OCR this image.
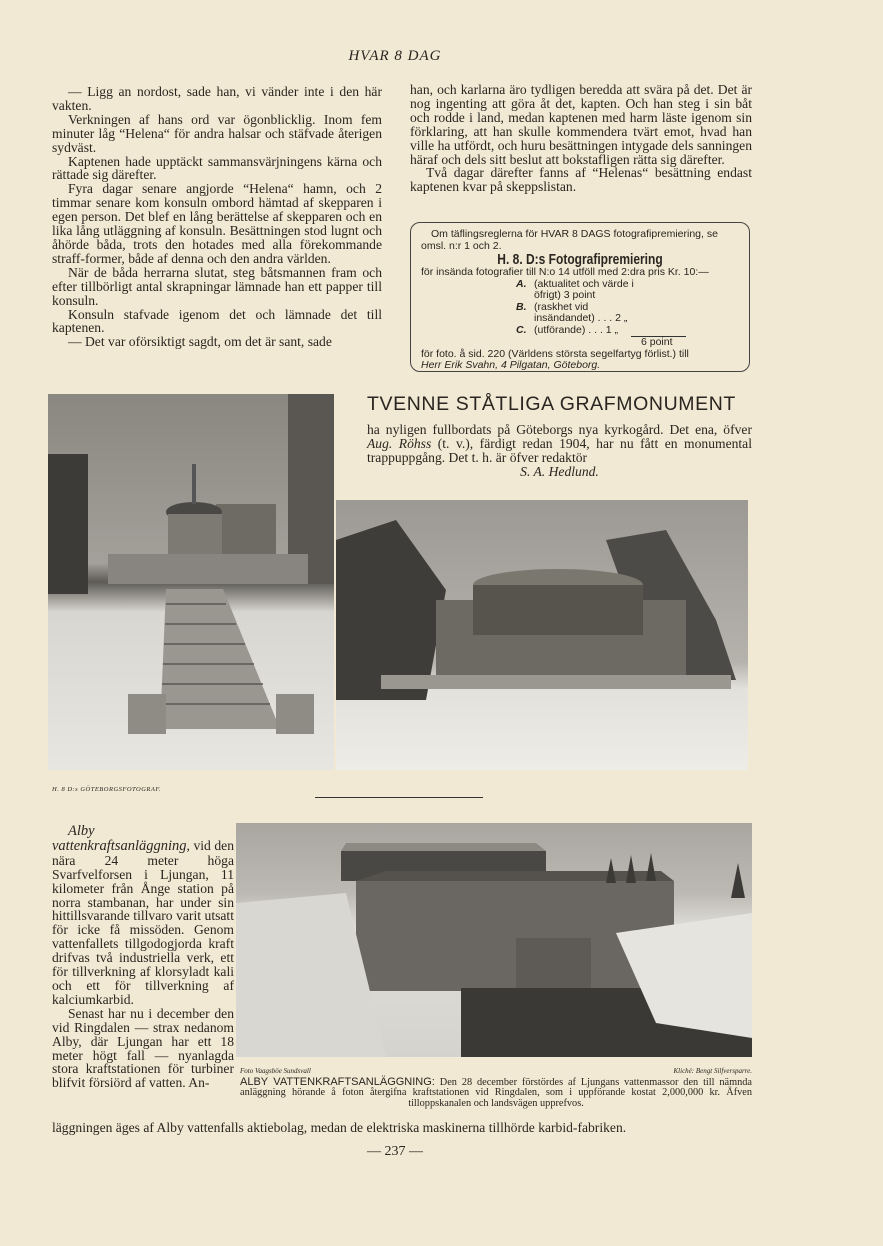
HVAR 8 DAG

— Ligg an nordost, sade han, vi vänder inte i den här vakten.

Verkningen af hans ord var ögonblicklig. Inom fem minuter låg “Helena“ för andra halsar och stäfvade återigen sydväst.

Kaptenen hade upptäckt sammansvärjningens kärna och rättade sig därefter.

Fyra dagar senare angjorde “Helena“ hamn, och 2 timmar senare kom konsuln ombord hämtad af skepparen i egen person. Det blef en lång berättelse af skepparen och en lika lång utläggning af konsuln. Besättningen stod lugnt och åhörde båda, trots den hotades med alla förekommande straff-former, både af denna och den andra världen.

När de båda herrarna slutat, steg båtsmannen fram och efter tillbörligt antal skrapningar lämnade han ett papper till konsuln.

Konsuln stafvade igenom det och lämnade det till kaptenen.

— Det var oförsiktigt sagdt, om det är sant, sade

han, och karlarna äro tydligen beredda att svära på det. Det är nog ingenting att göra åt det, kapten. Och han steg i sin båt och rodde i land, medan kaptenen med harm läste igenom sin förklaring, att han skulle kommendera tvärt emot, hvad han ville ha utfördt, och huru besättningen intygade dels sanningen häraf och dels sitt beslut att bokstafligen rätta sig därefter.

Två dagar därefter fanns af “Helenas“ besättning endast kaptenen kvar på skeppslistan.

Om täflingsreglerna för HVAR 8 DAGS fotografipremiering, se omsl. n:r 1 och 2.
H. 8. D:s Fotografipremiering
för insända fotografier till N:o 14 utföll med 2:dra pris Kr. 10:—
A. (aktualitet och värde i öfrigt) 3 point
B. (raskhet vid insändandet) . . . 2 „
C. (utförande) . . . 1 „
6 point
för foto. å sid. 220 (Världens största segelfartyg förlist.) till
Herr Erik Svahn, 4 Pilgatan, Göteborg.
TVENNE STÅTLIGA GRAFMONUMENT
ha nyligen fullbordats på Göteborgs nya kyrkogård. Det ena, öfver Aug. Röhss (t. v.), färdigt redan 1904, har nu fått en monumental trappuppgång. Det t. h. är öfver redaktör
S. A. Hedlund.
H. 8 D:s GÖTEBORGSFOTOGRAF.

Alby vattenkraftsanläggning, vid den nära 24 meter höga Svarfvelforsen i Ljungan, 11 kilometer från Ånge station på norra stambanan, har under sin hittillsvarande tillvaro varit utsatt för icke få missöden. Genom vattenfallets tillgodogjorda kraft drifvas två industriella verk, ett för tillverkning af klorsyladt kali och ett för tillverkning af kalciumkarbid.

Senast har nu i december den vid Ringdalen — strax nedanom Alby, där Ljungan har ett 18 meter högt fall — nyanlagda stora kraftstationen för turbiner blifvit försiörd af vatten. An-

Foto Vaagsböe Sundsvall	Kliché: Bengt Silfversparre.
ALBY VATTENKRAFTSANLÄGGNING: Den 28 december förstördes af Ljungans vattenmassor den till nämnda anläggning hörande å foton återgifna kraftstationen vid Ringdalen, som i uppförande kostat 2,000,000 kr. Äfven tilloppskanalen och landsvägen upprefvos.
läggningen äges af Alby vattenfalls aktiebolag, medan de elektriska maskinerna tillhörde karbid-fabriken.
— 237 —
